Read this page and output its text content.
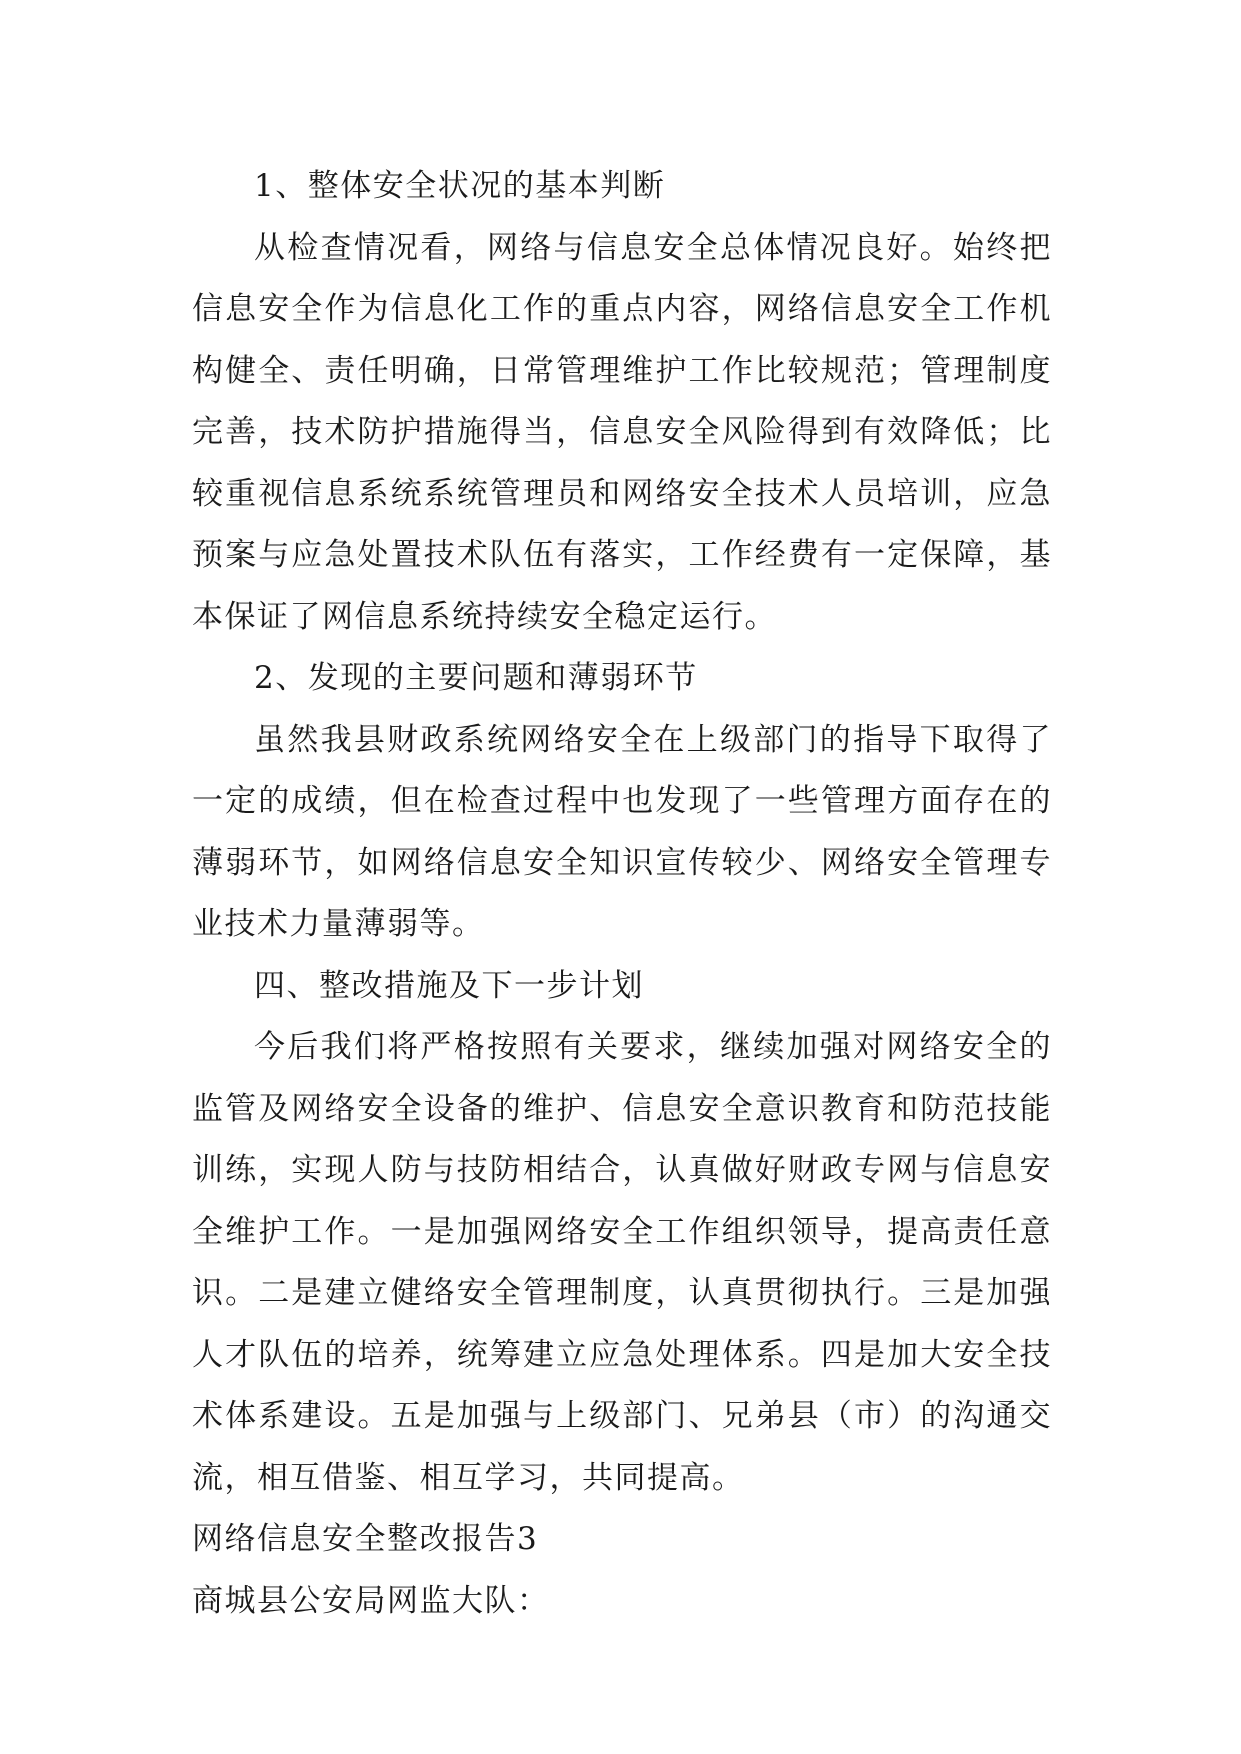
1、整体安全状况的基本判断

从检查情况看，网络与信息安全总体情况良好。始终把信息安全作为信息化工作的重点内容，网络信息安全工作机构健全、责任明确，日常管理维护工作比较规范；管理制度完善，技术防护措施得当，信息安全风险得到有效降低；比较重视信息系统系统管理员和网络安全技术人员培训，应急预案与应急处置技术队伍有落实，工作经费有一定保障，基本保证了网信息系统持续安全稳定运行。

2、发现的主要问题和薄弱环节

虽然我县财政系统网络安全在上级部门的指导下取得了一定的成绩，但在检查过程中也发现了一些管理方面存在的薄弱环节，如网络信息安全知识宣传较少、网络安全管理专业技术力量薄弱等。

四、整改措施及下一步计划

今后我们将严格按照有关要求，继续加强对网络安全的监管及网络安全设备的维护、信息安全意识教育和防范技能训练，实现人防与技防相结合，认真做好财政专网与信息安全维护工作。一是加强网络安全工作组织领导，提高责任意识。二是建立健络安全管理制度，认真贯彻执行。三是加强人才队伍的培养，统筹建立应急处理体系。四是加大安全技术体系建设。五是加强与上级部门、兄弟县（市）的沟通交流，相互借鉴、相互学习，共同提高。

网络信息安全整改报告3

商城县公安局网监大队：
